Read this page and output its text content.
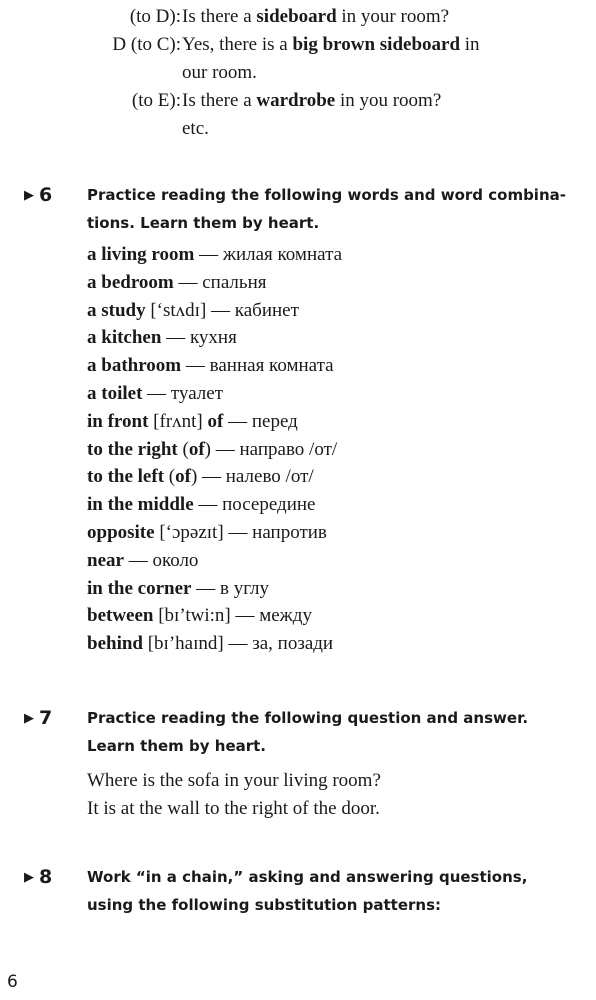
(to D): Is there a sideboard in your room?
D (to C): Yes, there is a big brown sideboard in
our room.
(to E): Is there a wardrobe in you room?
etc.
▶ 6 Practice reading the following words and word combina-tions. Learn them by heart.
a living room — жилая комната
a bedroom — спальня
a study [‘stʌdɪ] — кабинет
a kitchen — кухня
a bathroom — ванная комната
a toilet — туалет
in front [frʌnt] of — перед
to the right (of) — направо /от/
to the left (of) — налево /от/
in the middle — посередине
opposite [‘ɔpəzɪt] — напротив
near — около
in the corner — в углу
between [bɪ’twi:n] — между
behind [bɪ’haɪnd] — за, позади
▶ 7 Practice reading the following question and answer. Learn them by heart.
Where is the sofa in your living room?
It is at the wall to the right of the door.
▶ 8 Work “in a chain,” asking and answering questions, using the following substitution patterns:
6
